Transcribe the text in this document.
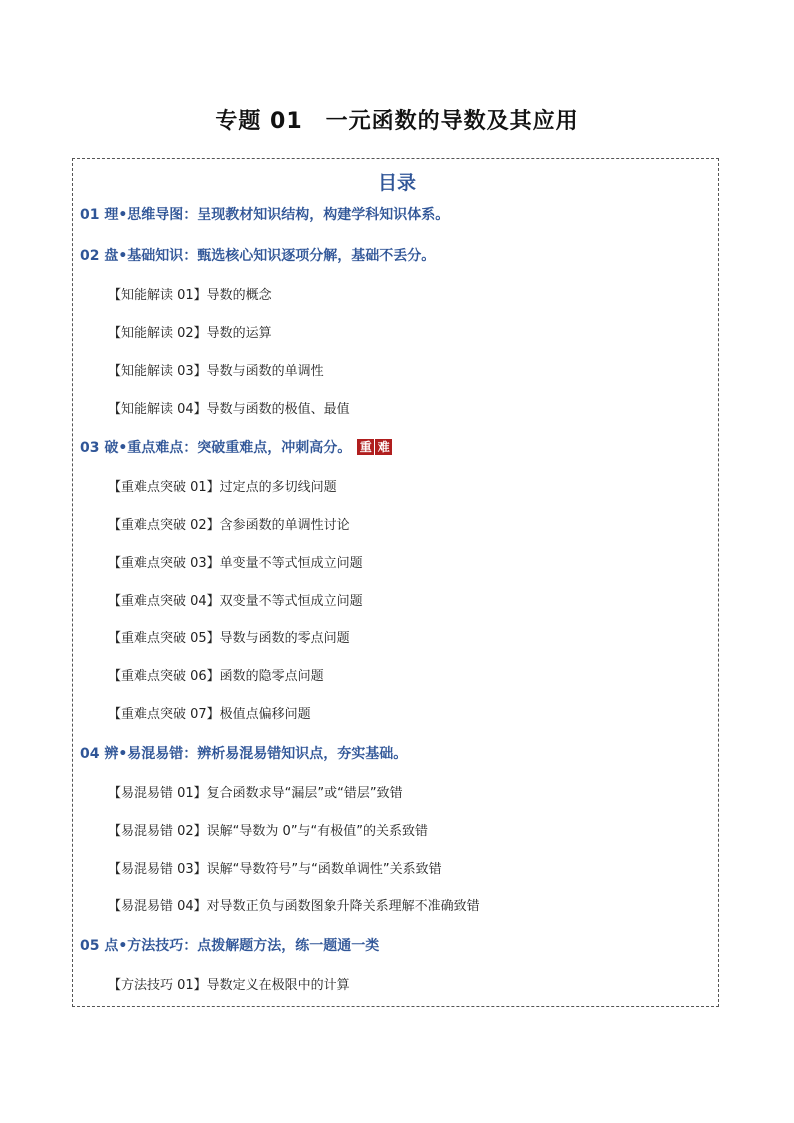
专题 01　一元函数的导数及其应用
目录
01 理•思维导图：呈现教材知识结构，构建学科知识体系。
02 盘•基础知识：甄选核心知识逐项分解，基础不丢分。
【知能解读 01】导数的概念
【知能解读 02】导数的运算
【知能解读 03】导数与函数的单调性
【知能解读 04】导数与函数的极值、最值
03 破•重点难点：突破重难点，冲刺高分。 重 难
【重难点突破 01】过定点的多切线问题
【重难点突破 02】含参函数的单调性讨论
【重难点突破 03】单变量不等式恒成立问题
【重难点突破 04】双变量不等式恒成立问题
【重难点突破 05】导数与函数的零点问题
【重难点突破 06】函数的隐零点问题
【重难点突破 07】极值点偏移问题
04 辨•易混易错：辨析易混易错知识点，夯实基础。
【易混易错 01】复合函数求导“漏层”或“错层”致错
【易混易错 02】误解“导数为 0”与“有极值”的关系致错
【易混易错 03】误解“导数符号”与“函数单调性”关系致错
【易混易错 04】对导数正负与函数图象升降关系理解不准确致错
05 点•方法技巧：点拨解题方法，练一题通一类
【方法技巧 01】导数定义在极限中的计算
